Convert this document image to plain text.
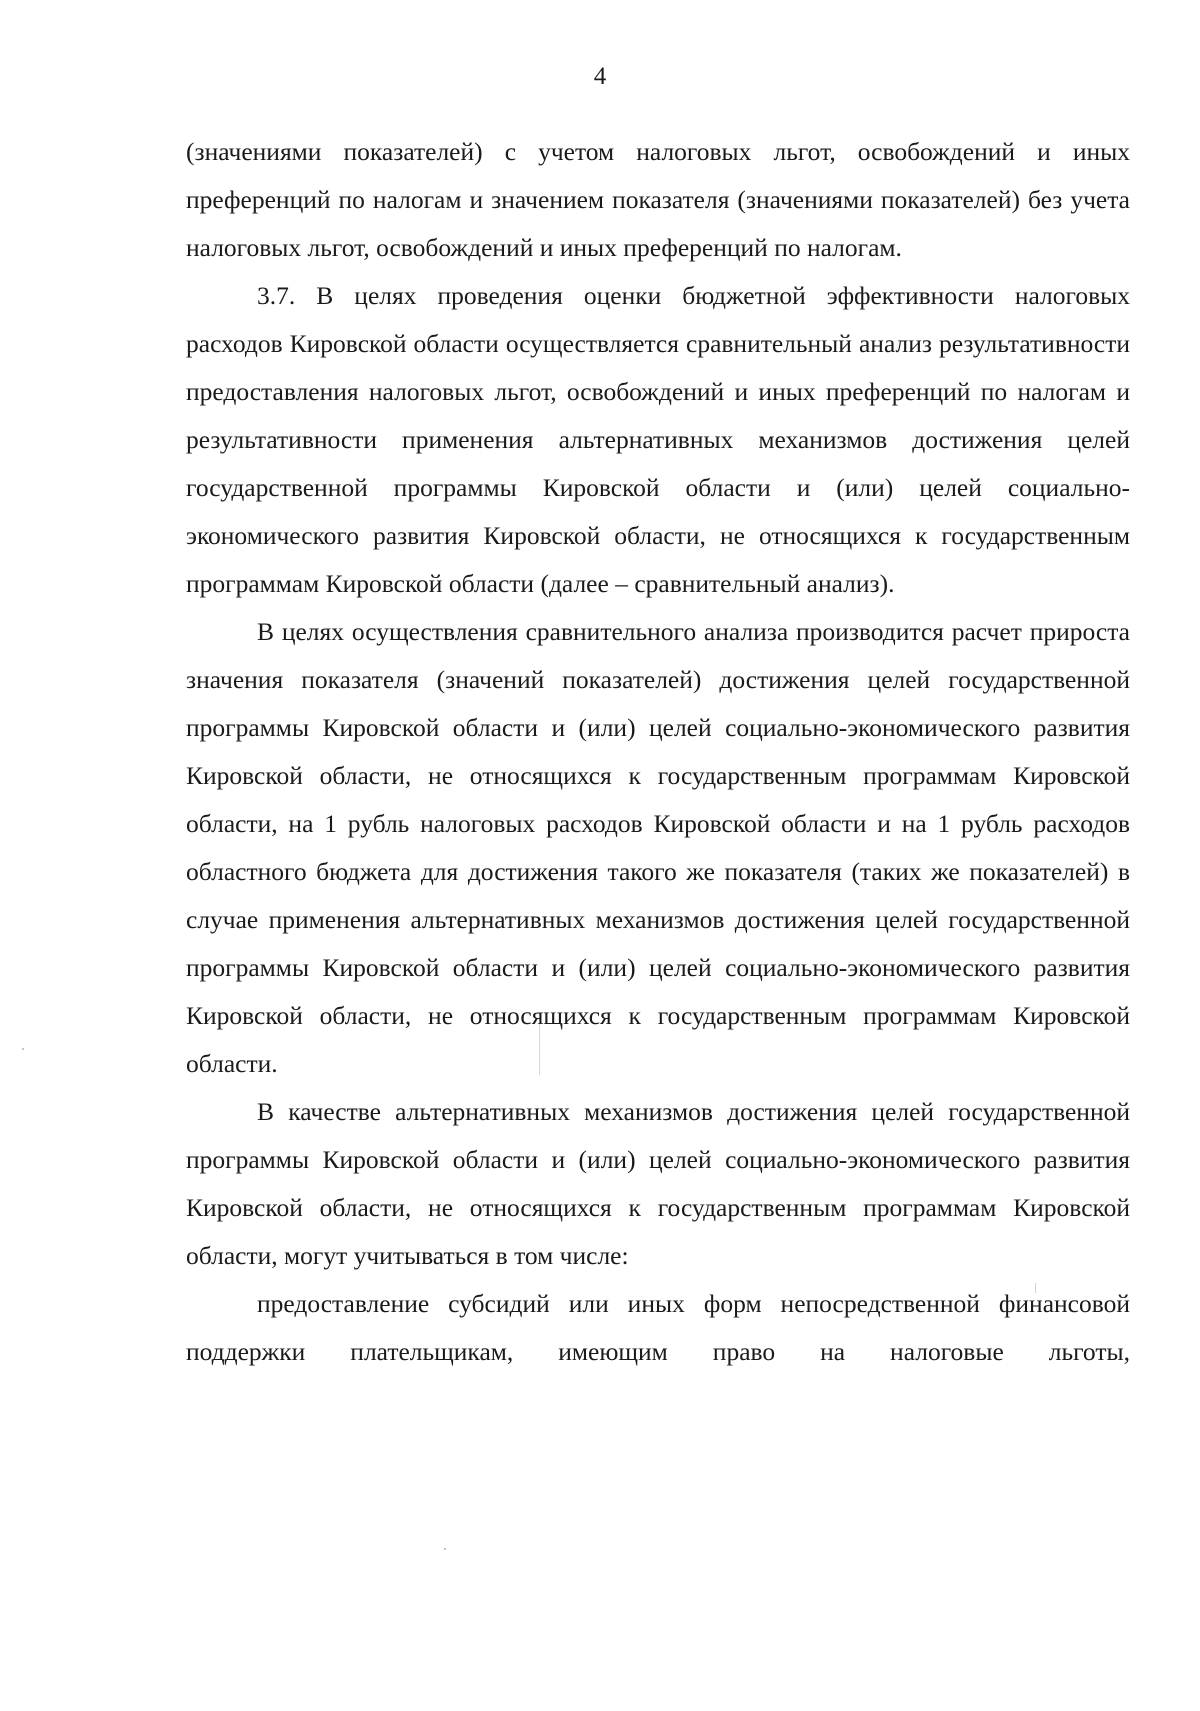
4

(значениями показателей) с учетом налоговых льгот, освобождений и иных преференций по налогам и значением показателя (значениями показателей) без учета налоговых льгот, освобождений и иных преференций по налогам.

3.7. В целях проведения оценки бюджетной эффективности налоговых расходов Кировской области осуществляется сравнительный анализ результативности предоставления налоговых льгот, освобождений и иных преференций по налогам и результативности применения альтернативных механизмов достижения целей государственной программы Кировской области и (или) целей социально-экономического развития Кировской области, не относящихся к государственным программам Кировской области (далее – сравнительный анализ).

В целях осуществления сравнительного анализа производится расчет прироста значения показателя (значений показателей) достижения целей государственной программы Кировской области и (или) целей социально-экономического развития Кировской области, не относящихся к государственным программам Кировской области, на 1 рубль налоговых расходов Кировской области и на 1 рубль расходов областного бюджета для достижения такого же показателя (таких же показателей) в случае применения альтернативных механизмов достижения целей государственной программы Кировской области и (или) целей социально-экономического развития Кировской области, не относящихся к государственным программам Кировской области.

В качестве альтернативных механизмов достижения целей государственной программы Кировской области и (или) целей социально-экономического развития Кировской области, не относящихся к государственным программам Кировской области, могут учитываться в том числе:

предоставление субсидий или иных форм непосредственной финансовой поддержки плательщикам, имеющим право на налоговые льготы,
